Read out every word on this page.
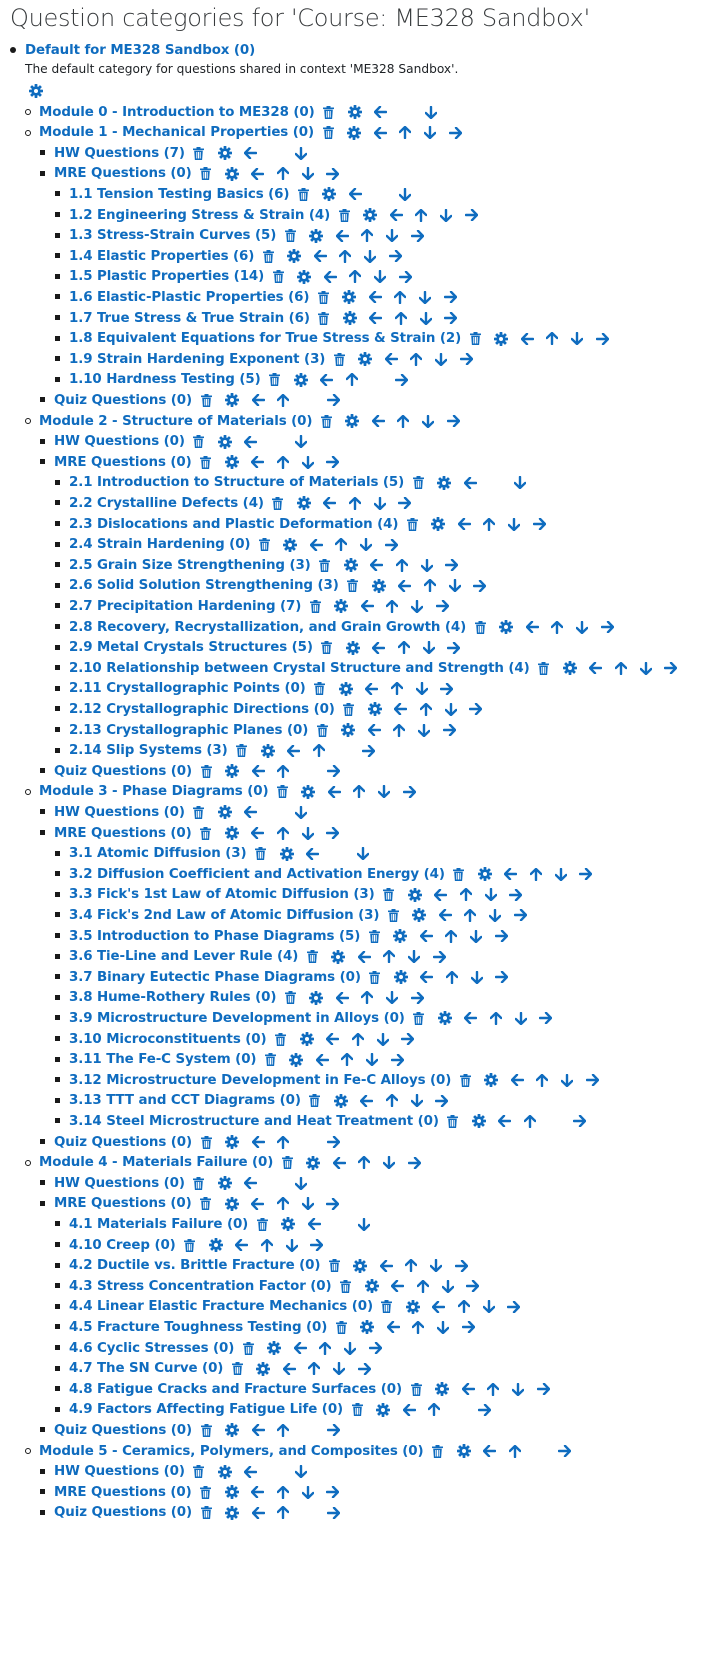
Question categories for 'Course: ME328 Sandbox'
Default for ME328 Sandbox (0)
The default category for questions shared in context 'ME328 Sandbox'.
Module 0 - Introduction to ME328 (0)
Module 1 - Mechanical Properties (0)
HW Questions (7)
MRE Questions (0)
1.1 Tension Testing Basics (6)
1.2 Engineering Stress & Strain (4)
1.3 Stress-Strain Curves (5)
1.4 Elastic Properties (6)
1.5 Plastic Properties (14)
1.6 Elastic-Plastic Properties (6)
1.7 True Stress & True Strain (6)
1.8 Equivalent Equations for True Stress & Strain (2)
1.9 Strain Hardening Exponent (3)
1.10 Hardness Testing (5)
Quiz Questions (0)
Module 2 - Structure of Materials (0)
HW Questions (0)
MRE Questions (0)
2.1 Introduction to Structure of Materials (5)
2.2 Crystalline Defects (4)
2.3 Dislocations and Plastic Deformation (4)
2.4 Strain Hardening (0)
2.5 Grain Size Strengthening (3)
2.6 Solid Solution Strengthening (3)
2.7 Precipitation Hardening (7)
2.8 Recovery, Recrystallization, and Grain Growth (4)
2.9 Metal Crystals Structures (5)
2.10 Relationship between Crystal Structure and Strength (4)
2.11 Crystallographic Points (0)
2.12 Crystallographic Directions (0)
2.13 Crystallographic Planes (0)
2.14 Slip Systems (3)
Quiz Questions (0)
Module 3 - Phase Diagrams (0)
HW Questions (0)
MRE Questions (0)
3.1 Atomic Diffusion (3)
3.2 Diffusion Coefficient and Activation Energy (4)
3.3 Fick's 1st Law of Atomic Diffusion (3)
3.4 Fick's 2nd Law of Atomic Diffusion (3)
3.5 Introduction to Phase Diagrams (5)
3.6 Tie-Line and Lever Rule (4)
3.7 Binary Eutectic Phase Diagrams (0)
3.8 Hume-Rothery Rules (0)
3.9 Microstructure Development in Alloys (0)
3.10 Microconstituents (0)
3.11 The Fe-C System (0)
3.12 Microstructure Development in Fe-C Alloys (0)
3.13 TTT and CCT Diagrams (0)
3.14 Steel Microstructure and Heat Treatment (0)
Quiz Questions (0)
Module 4 - Materials Failure (0)
HW Questions (0)
MRE Questions (0)
4.1 Materials Failure (0)
4.10 Creep (0)
4.2 Ductile vs. Brittle Fracture (0)
4.3 Stress Concentration Factor (0)
4.4 Linear Elastic Fracture Mechanics (0)
4.5 Fracture Toughness Testing (0)
4.6 Cyclic Stresses (0)
4.7 The SN Curve (0)
4.8 Fatigue Cracks and Fracture Surfaces (0)
4.9 Factors Affecting Fatigue Life (0)
Quiz Questions (0)
Module 5 - Ceramics, Polymers, and Composites (0)
HW Questions (0)
MRE Questions (0)
Quiz Questions (0)
